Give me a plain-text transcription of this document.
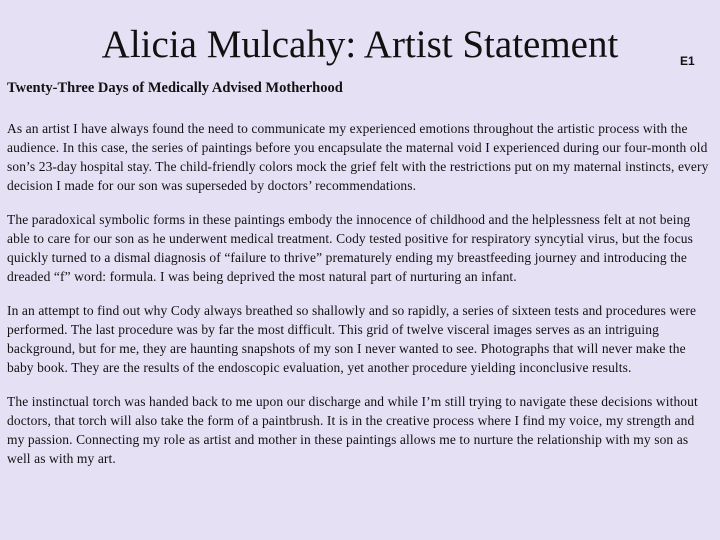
Alicia Mulcahy: Artist Statement	E1
Twenty-Three Days of Medically Advised Motherhood

As an artist I have always found the need to communicate my experienced emotions throughout the artistic process with the audience. In this case, the series of paintings before you encapsulate the maternal void I experienced during our four-month old son’s 23-day hospital stay. The child-friendly colors mock the grief felt with the restrictions put on my maternal instincts, every decision I made for our son was superseded by doctors’ recommendations.

The paradoxical symbolic forms in these paintings embody the innocence of childhood and the helplessness felt at not being able to care for our son as he underwent medical treatment. Cody tested positive for respiratory syncytial virus, but the focus quickly turned to a dismal diagnosis of “failure to thrive” prematurely ending my breastfeeding journey and introducing the dreaded “f” word: formula. I was being deprived the most natural part of nurturing an infant.

In an attempt to find out why Cody always breathed so shallowly and so rapidly, a series of sixteen tests and procedures were performed. The last procedure was by far the most difficult. This grid of twelve visceral images serves as an intriguing background, but for me, they are haunting snapshots of my son I never wanted to see. Photographs that will never make the baby book. They are the results of the endoscopic evaluation, yet another procedure yielding inconclusive results.

The instinctual torch was handed back to me upon our discharge and while I’m still trying to navigate these decisions without doctors, that torch will also take the form of a paintbrush. It is in the creative process where I find my voice, my strength and my passion. Connecting my role as artist and mother in these paintings allows me to nurture the relationship with my son as well as with my art.
